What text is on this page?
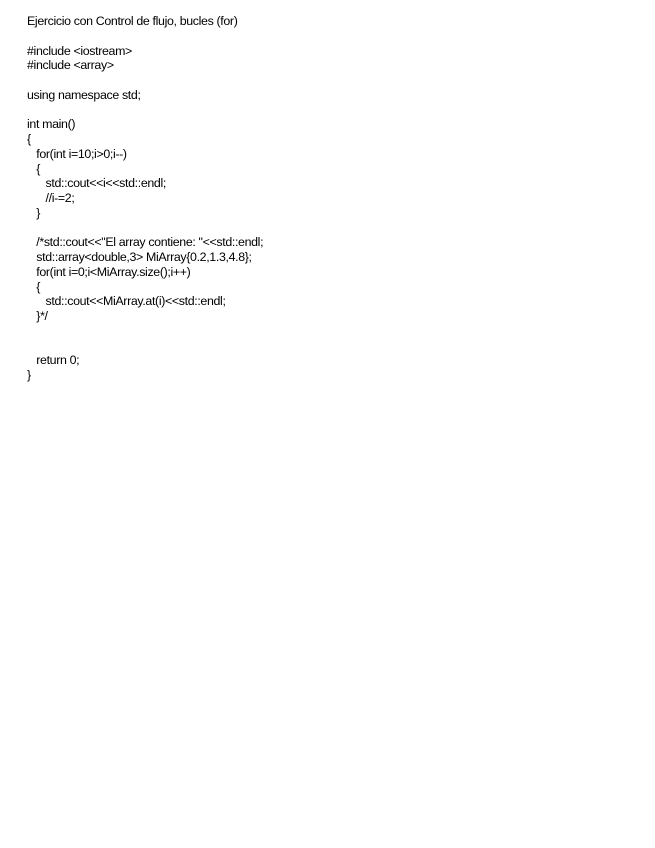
Ejercicio con Control de flujo, bucles (for)
#include <iostream>
#include <array>
using namespace std;
int main()
{
for(int i=10;i>0;i--)
{
std::cout<<i<<std::endl;
//i-=2;
}
/*std::cout<<"El array contiene: "<<std::endl;
std::array<double,3> MiArray{0.2,1.3,4.8};
for(int i=0;i<MiArray.size();i++)
{
std::cout<<MiArray.at(i)<<std::endl;
}*/
return 0;
}
